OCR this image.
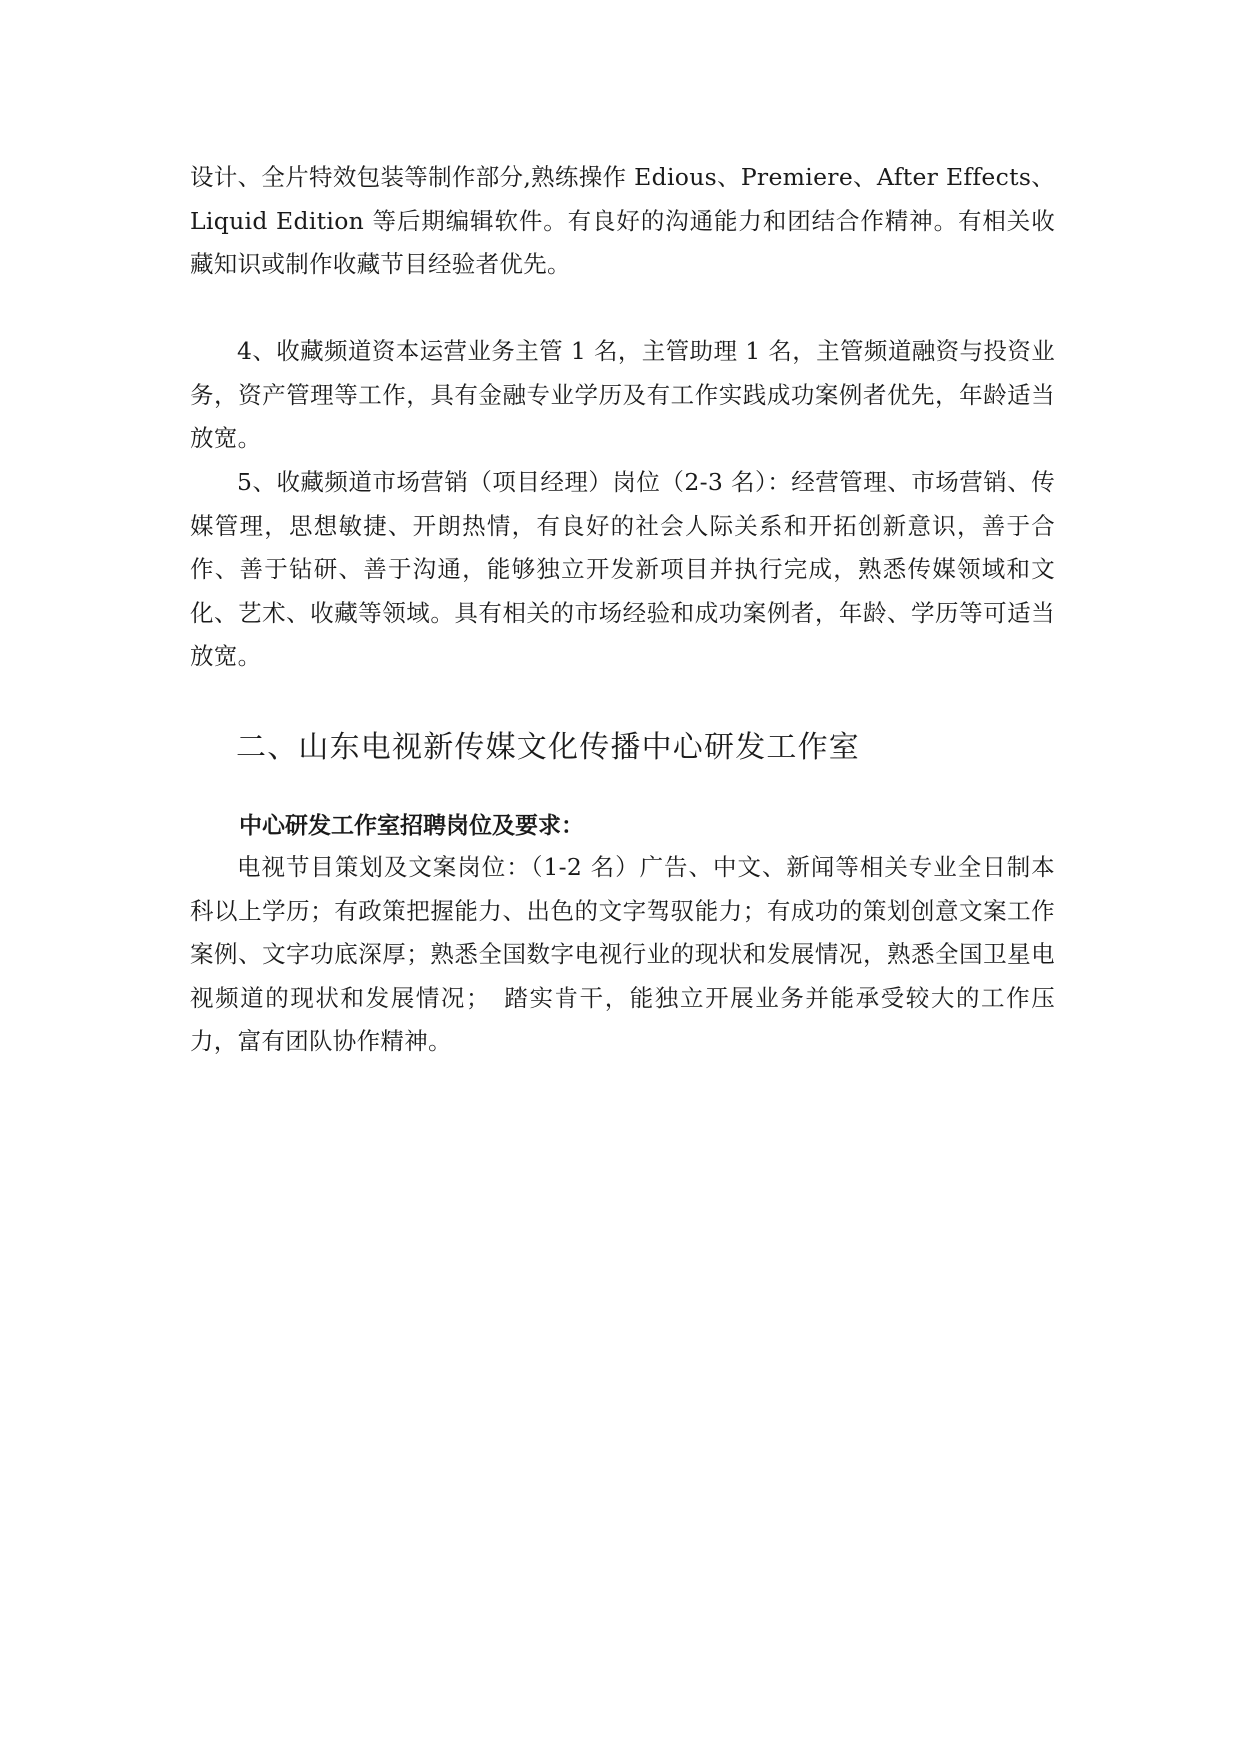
设计、全片特效包装等制作部分,熟练操作 Edious、Premiere、After Effects、Liquid Edition 等后期编辑软件。有良好的沟通能力和团结合作精神。有相关收藏知识或制作收藏节目经验者优先。

4、收藏频道资本运营业务主管 1 名，主管助理 1 名，主管频道融资与投资业务，资产管理等工作，具有金融专业学历及有工作实践成功案例者优先，年龄适当放宽。

5、收藏频道市场营销（项目经理）岗位（2-3 名）：经营管理、市场营销、传媒管理，思想敏捷、开朗热情，有良好的社会人际关系和开拓创新意识，善于合作、善于钻研、善于沟通，能够独立开发新项目并执行完成，熟悉传媒领域和文化、艺术、收藏等领域。具有相关的市场经验和成功案例者，年龄、学历等可适当放宽。

二、山东电视新传媒文化传播中心研发工作室
中心研发工作室招聘岗位及要求：

电视节目策划及文案岗位：（1-2 名）广告、中文、新闻等相关专业全日制本科以上学历；有政策把握能力、出色的文字驾驭能力；有成功的策划创意文案工作案例、文字功底深厚；熟悉全国数字电视行业的现状和发展情况，熟悉全国卫星电视频道的现状和发展情况；　踏实肯干，能独立开展业务并能承受较大的工作压力，富有团队协作精神。
